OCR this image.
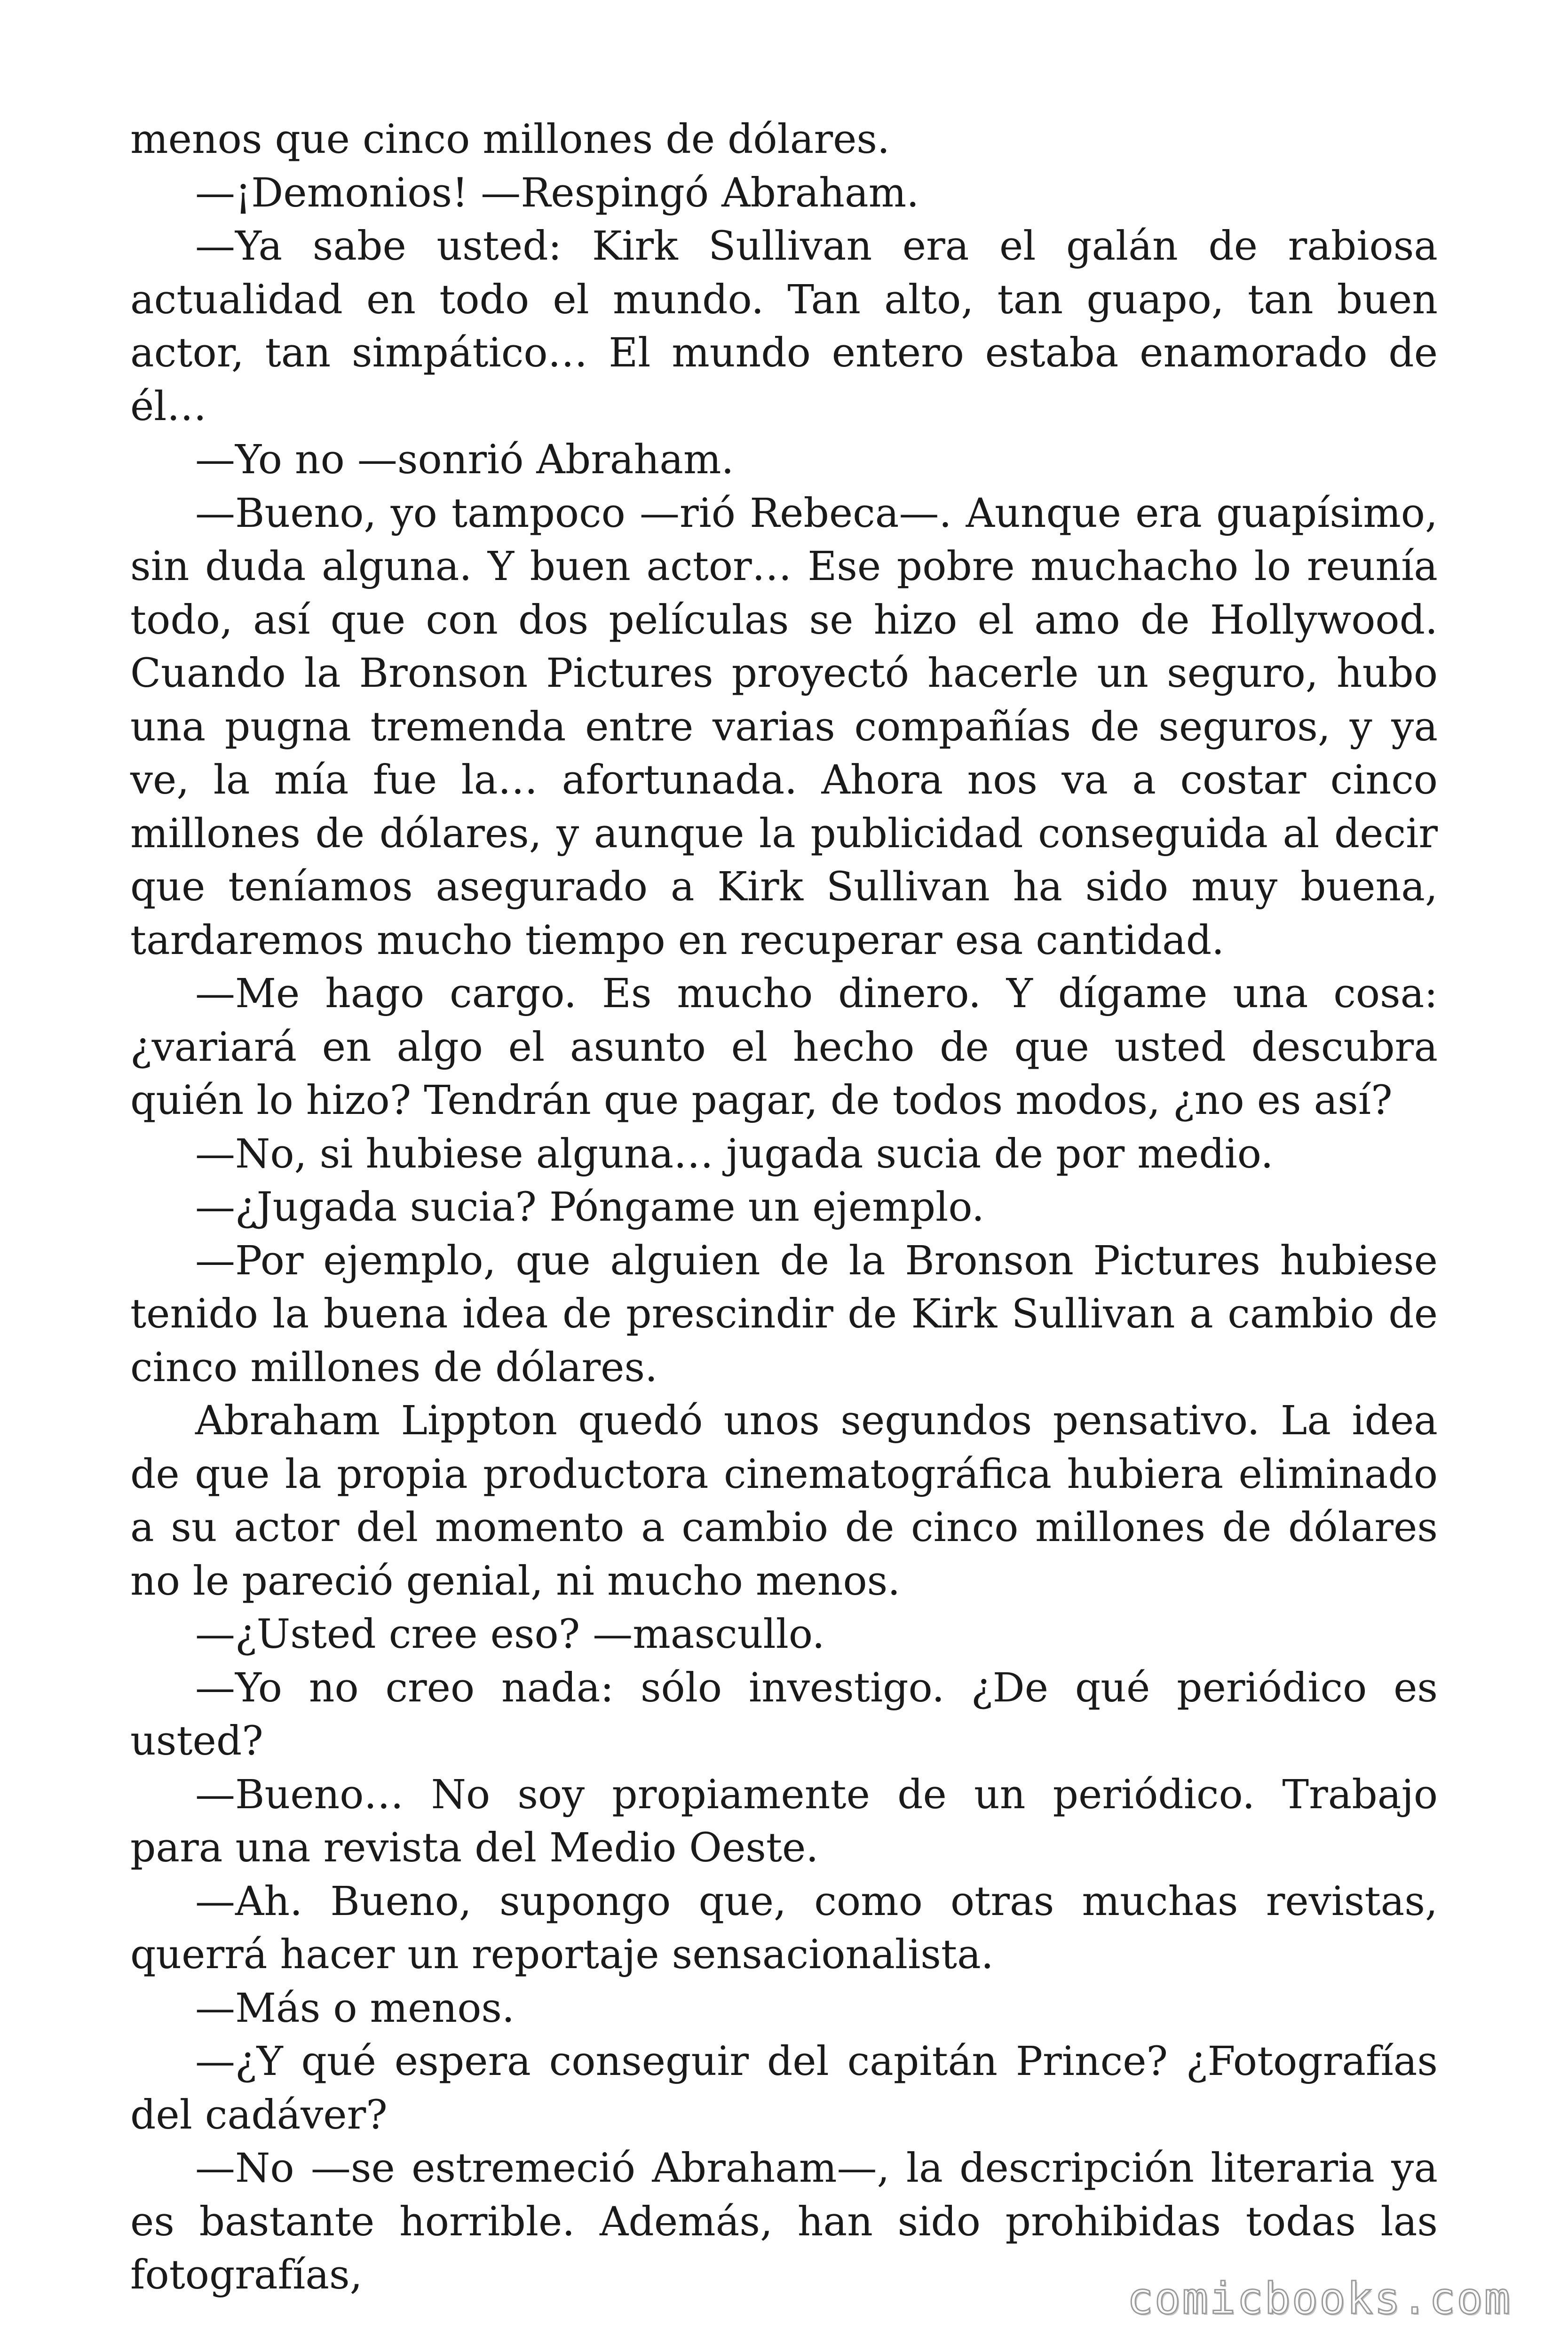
menos que cinco millones de dólares.

—¡Demonios! —Respingó Abraham.

—Ya sabe usted: Kirk Sullivan era el galán de rabiosa actualidad en todo el mundo. Tan alto, tan guapo, tan buen actor, tan simpático… El mundo entero estaba enamorado de él…

—Yo no —sonrió Abraham.

—Bueno, yo tampoco —rió Rebeca—. Aunque era guapísimo, sin duda alguna. Y buen actor… Ese pobre muchacho lo reunía todo, así que con dos películas se hizo el amo de Hollywood. Cuando la Bronson Pictures proyectó hacerle un seguro, hubo una pugna tremenda entre varias compañías de seguros, y ya ve, la mía fue la… afortunada. Ahora nos va a costar cinco millones de dólares, y aunque la publicidad conseguida al decir que teníamos asegurado a Kirk Sullivan ha sido muy buena, tardaremos mucho tiempo en recuperar esa cantidad.

—Me hago cargo. Es mucho dinero. Y dígame una cosa: ¿variará en algo el asunto el hecho de que usted descubra quién lo hizo? Tendrán que pagar, de todos modos, ¿no es así?

—No, si hubiese alguna… jugada sucia de por medio.

—¿Jugada sucia? Póngame un ejemplo.

—Por ejemplo, que alguien de la Bronson Pictures hubiese tenido la buena idea de prescindir de Kirk Sullivan a cambio de cinco millones de dólares.

Abraham Lippton quedó unos segundos pensativo. La idea de que la propia productora cinematográfica hubiera eliminado a su actor del momento a cambio de cinco millones de dólares no le pareció genial, ni mucho menos.

—¿Usted cree eso? —mascullo.

—Yo no creo nada: sólo investigo. ¿De qué periódico es usted?

—Bueno… No soy propiamente de un periódico. Trabajo para una revista del Medio Oeste.

—Ah. Bueno, supongo que, como otras muchas revistas, querrá hacer un reportaje sensacionalista.

—Más o menos.

—¿Y qué espera conseguir del capitán Prince? ¿Fotografías del cadáver?

—No —se estremeció Abraham—, la descripción literaria ya es bastante horrible. Además, han sido prohibidas todas las fotografías,	comicbooks.com
